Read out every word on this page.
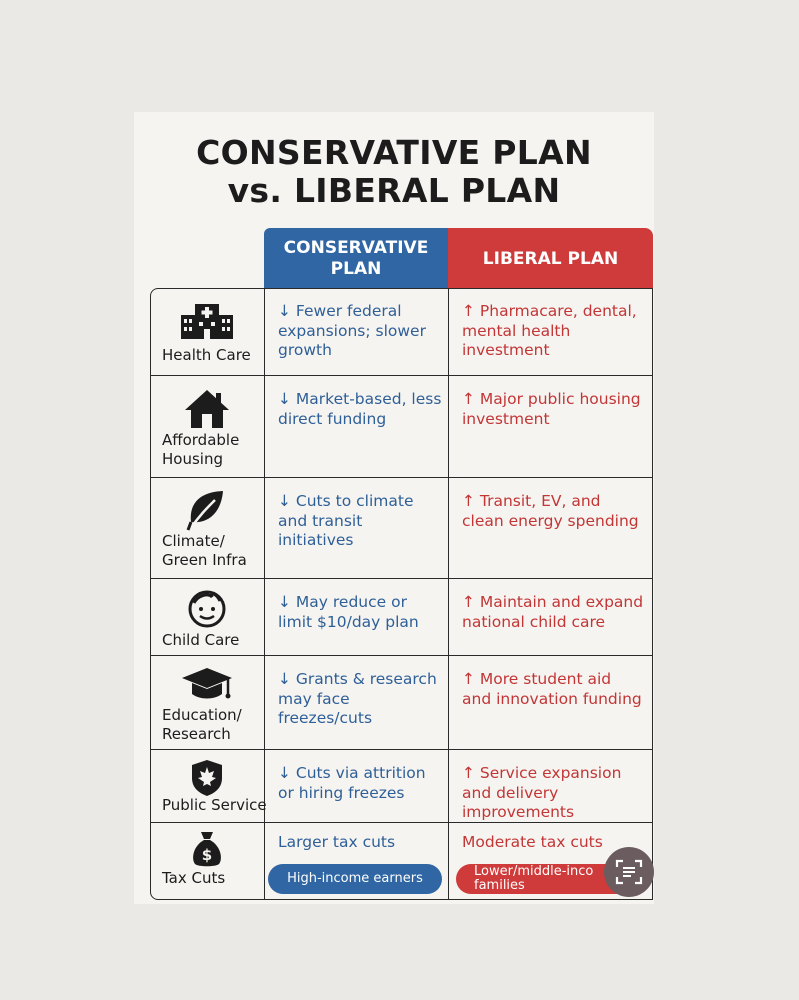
CONSERVATIVE PLAN
vs. LIBERAL PLAN
CONSERVATIVE PLAN
LIBERAL PLAN
Health Care
↓ Fewer federal expansions; slower growth
↑ Pharmacare, dental, mental health investment
Affordable Housing
↓ Market-based, less direct funding
↑ Major public housing investment
Climate/ Green Infra
↓ Cuts to climate and transit initiatives
↑ Transit, EV, and clean energy spending
Child Care
↓ May reduce or limit $10/day plan
↑ Maintain and expand national child care
Education/ Research
↓ Grants & research may face freezes/cuts
↑ More student aid and innovation funding
Public Service
↓ Cuts via attrition or hiring freezes
↑ Service expansion and delivery improvements
$
Tax Cuts
Larger tax cuts	Moderate tax cuts
High-income earners	Lower/middle-inco families
